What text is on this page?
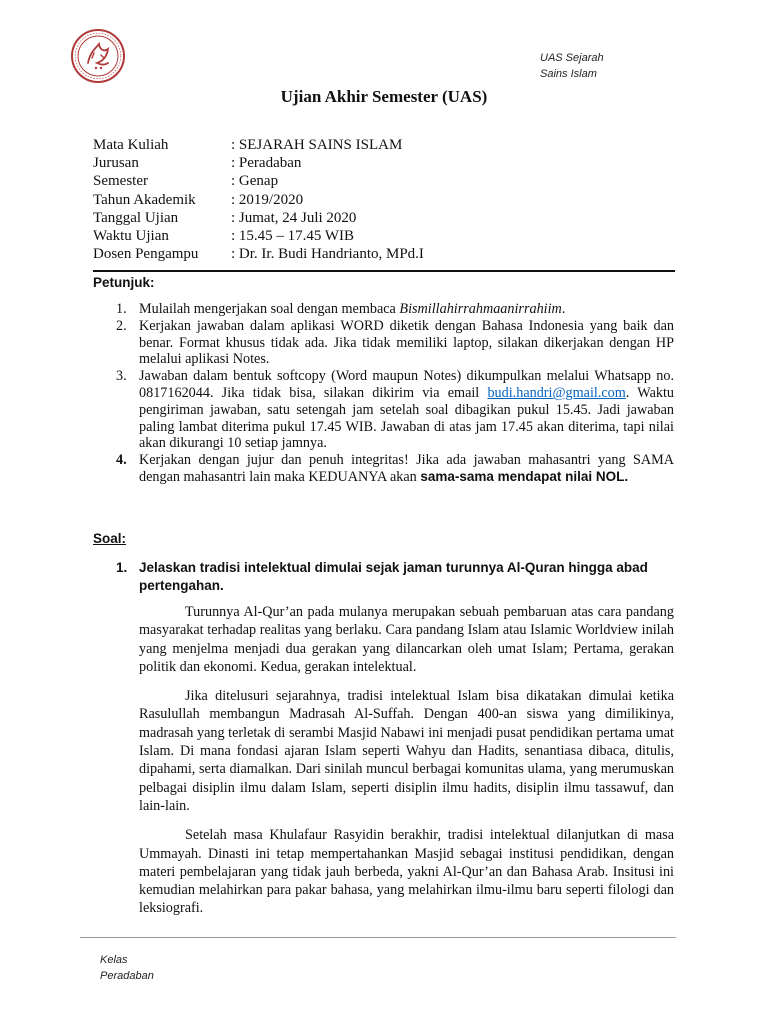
UAS Sejarah
Sains Islam
Ujian Akhir Semester (UAS)
Mata Kuliah	: SEJARAH SAINS ISLAM
Jurusan	: Peradaban
Semester	: Genap
Tahun Akademik	: 2019/2020
Tanggal Ujian	: Jumat, 24 Juli 2020
Waktu Ujian	: 15.45 – 17.45 WIB
Dosen Pengampu	: Dr. Ir. Budi Handrianto, MPd.I
Petunjuk:
1. Mulailah mengerjakan soal dengan membaca Bismillahirrahmaanirrahiim.
2. Kerjakan jawaban dalam aplikasi WORD diketik dengan Bahasa Indonesia yang baik dan benar. Format khusus tidak ada. Jika tidak memiliki laptop, silakan dikerjakan dengan HP melalui aplikasi Notes.
3. Jawaban dalam bentuk softcopy (Word maupun Notes) dikumpulkan melalui Whatsapp no. 0817162044. Jika tidak bisa, silakan dikirim via email budi.handri@gmail.com. Waktu pengiriman jawaban, satu setengah jam setelah soal dibagikan pukul 15.45. Jadi jawaban paling lambat diterima pukul 17.45 WIB. Jawaban di atas jam 17.45 akan diterima, tapi nilai akan dikurangi 10 setiap jamnya.
4. Kerjakan dengan jujur dan penuh integritas! Jika ada jawaban mahasantri yang SAMA dengan mahasantri lain maka KEDUANYA akan sama-sama mendapat nilai NOL.
Soal:
1. Jelaskan tradisi intelektual dimulai sejak jaman turunnya Al-Quran hingga abad pertengahan.

Turunnya Al-Qur’an pada mulanya merupakan sebuah pembaruan atas cara pandang masyarakat terhadap realitas yang berlaku. Cara pandang Islam atau Islamic Worldview inilah yang menjelma menjadi dua gerakan yang dilancarkan oleh umat Islam; Pertama, gerakan politik dan ekonomi. Kedua, gerakan intelektual.

Jika ditelusuri sejarahnya, tradisi intelektual Islam bisa dikatakan dimulai ketika Rasulullah membangun Madrasah Al-Suffah. Dengan 400-an siswa yang dimilikinya, madrasah yang terletak di serambi Masjid Nabawi ini menjadi pusat pendidikan pertama umat Islam. Di mana fondasi ajaran Islam seperti Wahyu dan Hadits, senantiasa dibaca, ditulis, dipahami, serta diamalkan. Dari sinilah muncul berbagai komunitas ulama, yang merumuskan pelbagai disiplin ilmu dalam Islam, seperti disiplin ilmu hadits, disiplin ilmu tassawuf, dan lain-lain.

Setelah masa Khulafaur Rasyidin berakhir, tradisi intelektual dilanjutkan di masa Ummayah. Dinasti ini tetap mempertahankan Masjid sebagai institusi pendidikan, dengan materi pembelajaran yang tidak jauh berbeda, yakni Al-Qur’an dan Bahasa Arab. Insitusi ini kemudian melahirkan para pakar bahasa, yang melahirkan ilmu-ilmu baru seperti filologi dan leksiografi.

Kelas
Peradaban
